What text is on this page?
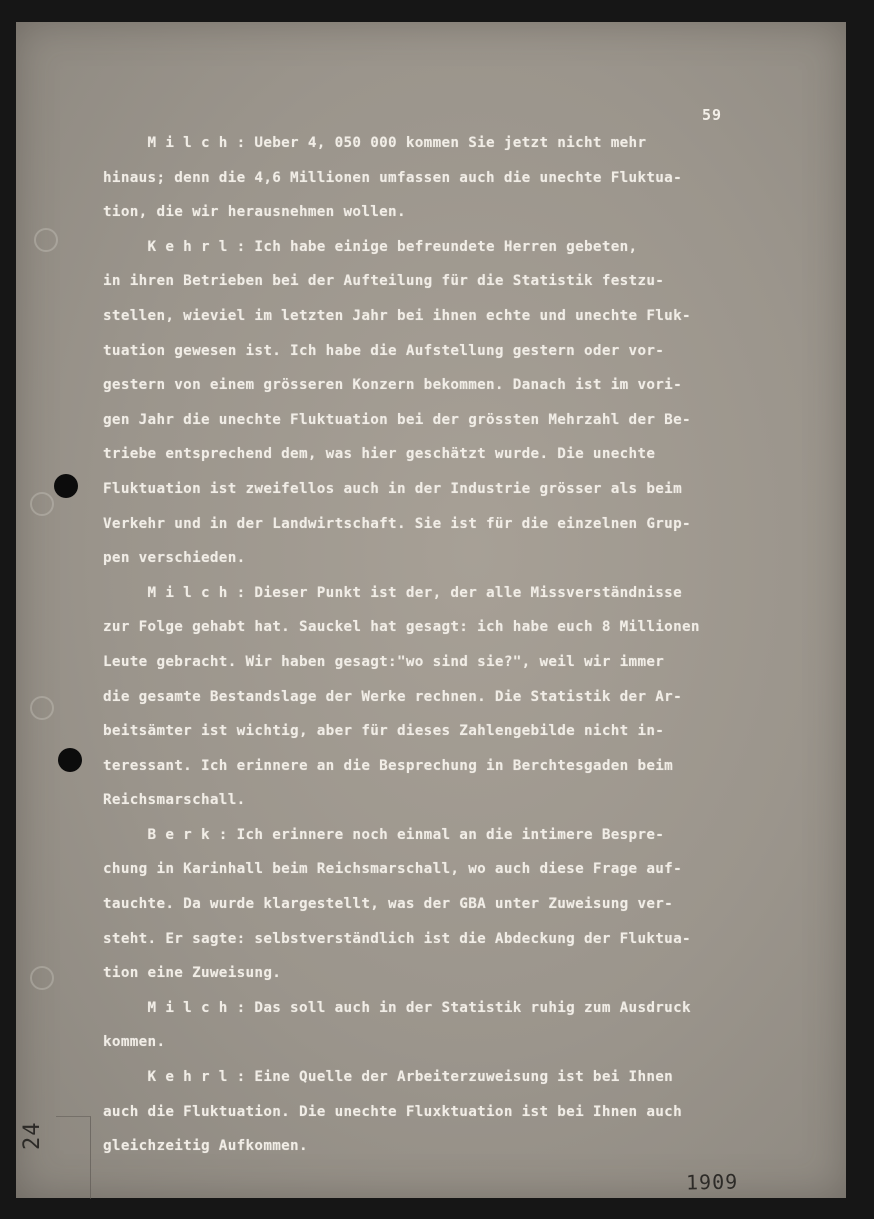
59
24
1909
M i l c h : Ueber 4, 050 000 kommen Sie jetzt nicht mehr
hinaus; denn die 4,6 Millionen umfassen auch die unechte Fluktua-
tion, die wir herausnehmen wollen.
K e h r l : Ich habe einige befreundete Herren gebeten,
in ihren Betrieben bei der Aufteilung für die Statistik festzu-
stellen, wieviel im letzten Jahr bei ihnen echte und unechte Fluk-
tuation gewesen ist. Ich habe die Aufstellung gestern oder vor-
gestern von einem grösseren Konzern bekommen. Danach ist im vori-
gen Jahr die unechte Fluktuation bei der grössten Mehrzahl der Be-
triebe entsprechend dem, was hier geschätzt wurde. Die unechte
Fluktuation ist zweifellos auch in der Industrie grösser als beim
Verkehr und in der Landwirtschaft. Sie ist für die einzelnen Grup-
pen verschieden.
M i l c h : Dieser Punkt ist der, der alle Missverständnisse
zur Folge gehabt hat. Sauckel hat gesagt: ich habe euch 8 Millionen
Leute gebracht. Wir haben gesagt:"wo sind sie?", weil wir immer
die gesamte Bestandslage der Werke rechnen. Die Statistik der Ar-
beitsämter ist wichtig, aber für dieses Zahlengebilde nicht in-
teressant. Ich erinnere an die Besprechung in Berchtesgaden beim
Reichsmarschall.
B e r k : Ich erinnere noch einmal an die intimere Bespre-
chung in Karinhall beim Reichsmarschall, wo auch diese Frage auf-
tauchte. Da wurde klargestellt, was der GBA unter Zuweisung ver-
steht. Er sagte: selbstverständlich ist die Abdeckung der Fluktua-
tion eine Zuweisung.
M i l c h : Das soll auch in der Statistik ruhig zum Ausdruck
kommen.
K e h r l : Eine Quelle der Arbeiterzuweisung ist bei Ihnen
auch die Fluktuation. Die unechte Fluxktuation ist bei Ihnen auch
gleichzeitig Aufkommen.
